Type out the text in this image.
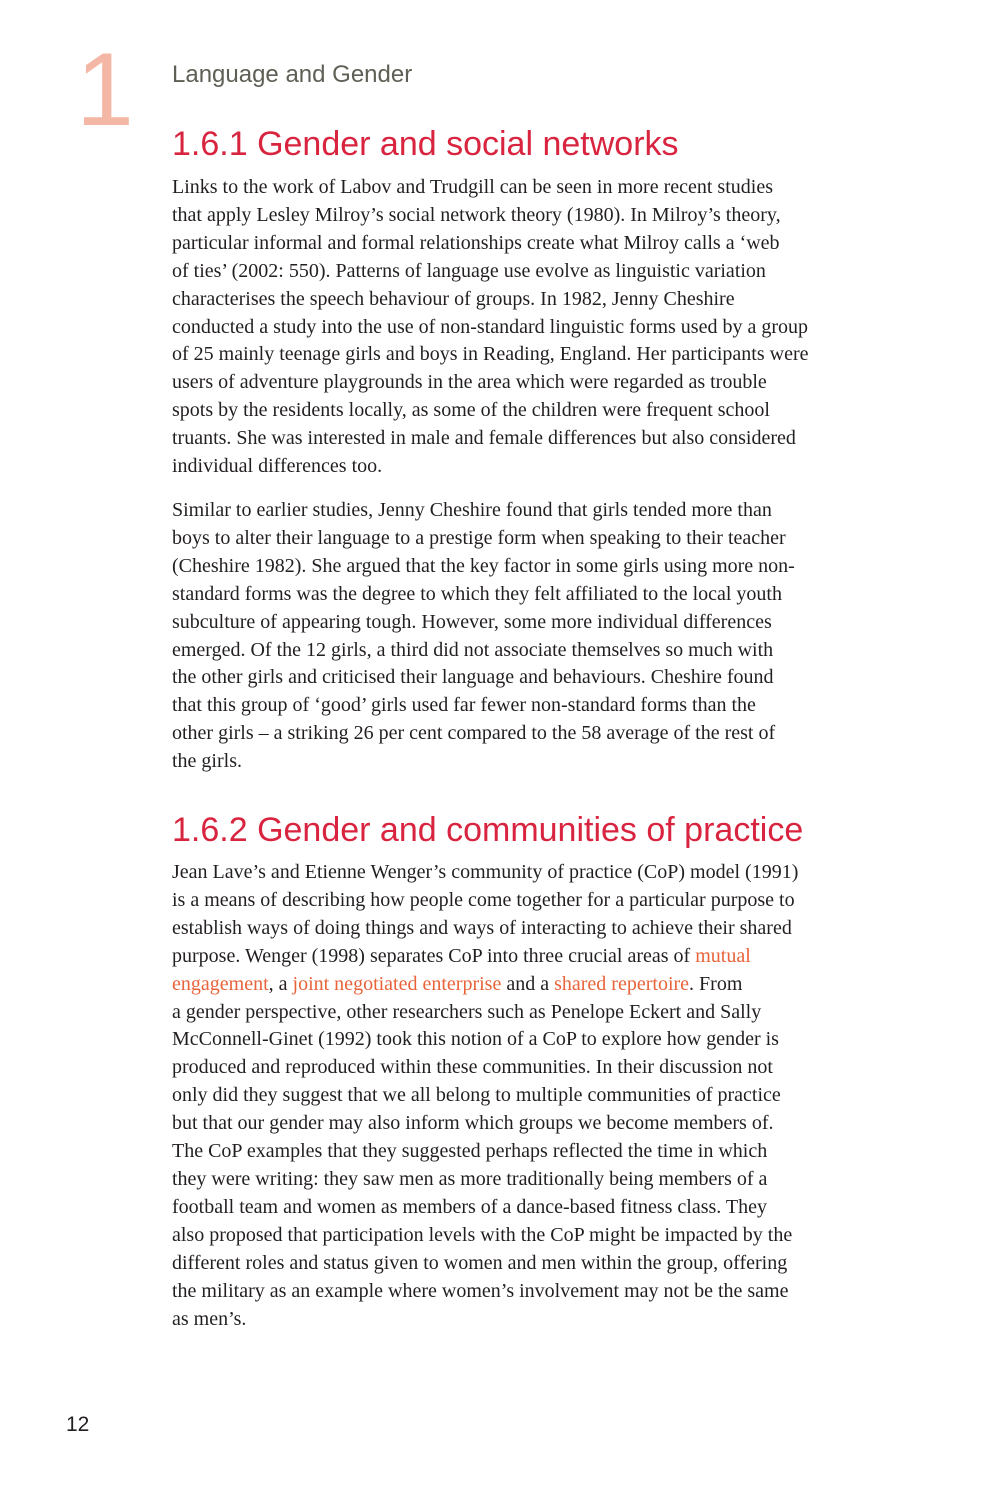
1 Language and Gender
1.6.1 Gender and social networks
Links to the work of Labov and Trudgill can be seen in more recent studies
that apply Lesley Milroy’s social network theory (1980). In Milroy’s theory,
particular informal and formal relationships create what Milroy calls a ‘web
of ties’ (2002: 550). Patterns of language use evolve as linguistic variation
characterises the speech behaviour of groups. In 1982, Jenny Cheshire
conducted a study into the use of non-standard linguistic forms used by a group
of 25 mainly teenage girls and boys in Reading, England. Her participants were
users of adventure playgrounds in the area which were regarded as trouble
spots by the residents locally, as some of the children were frequent school
truants. She was interested in male and female differences but also considered
individual differences too.
Similar to earlier studies, Jenny Cheshire found that girls tended more than
boys to alter their language to a prestige form when speaking to their teacher
(Cheshire 1982). She argued that the key factor in some girls using more non-
standard forms was the degree to which they felt affiliated to the local youth
subculture of appearing tough. However, some more individual differences
emerged. Of the 12 girls, a third did not associate themselves so much with
the other girls and criticised their language and behaviours. Cheshire found
that this group of ‘good’ girls used far fewer non-standard forms than the
other girls – a striking 26 per cent compared to the 58 average of the rest of
the girls.
1.6.2 Gender and communities of practice
Jean Lave’s and Etienne Wenger’s community of practice (CoP) model (1991)
is a means of describing how people come together for a particular purpose to
establish ways of doing things and ways of interacting to achieve their shared
purpose. Wenger (1998) separates CoP into three crucial areas of mutual
engagement, a joint negotiated enterprise and a shared repertoire. From
a gender perspective, other researchers such as Penelope Eckert and Sally
McConnell-Ginet (1992) took this notion of a CoP to explore how gender is
produced and reproduced within these communities. In their discussion not
only did they suggest that we all belong to multiple communities of practice
but that our gender may also inform which groups we become members of.
The CoP examples that they suggested perhaps reflected the time in which
they were writing: they saw men as more traditionally being members of a
football team and women as members of a dance-based fitness class. They
also proposed that participation levels with the CoP might be impacted by the
different roles and status given to women and men within the group, offering
the military as an example where women’s involvement may not be the same
as men’s.
12
